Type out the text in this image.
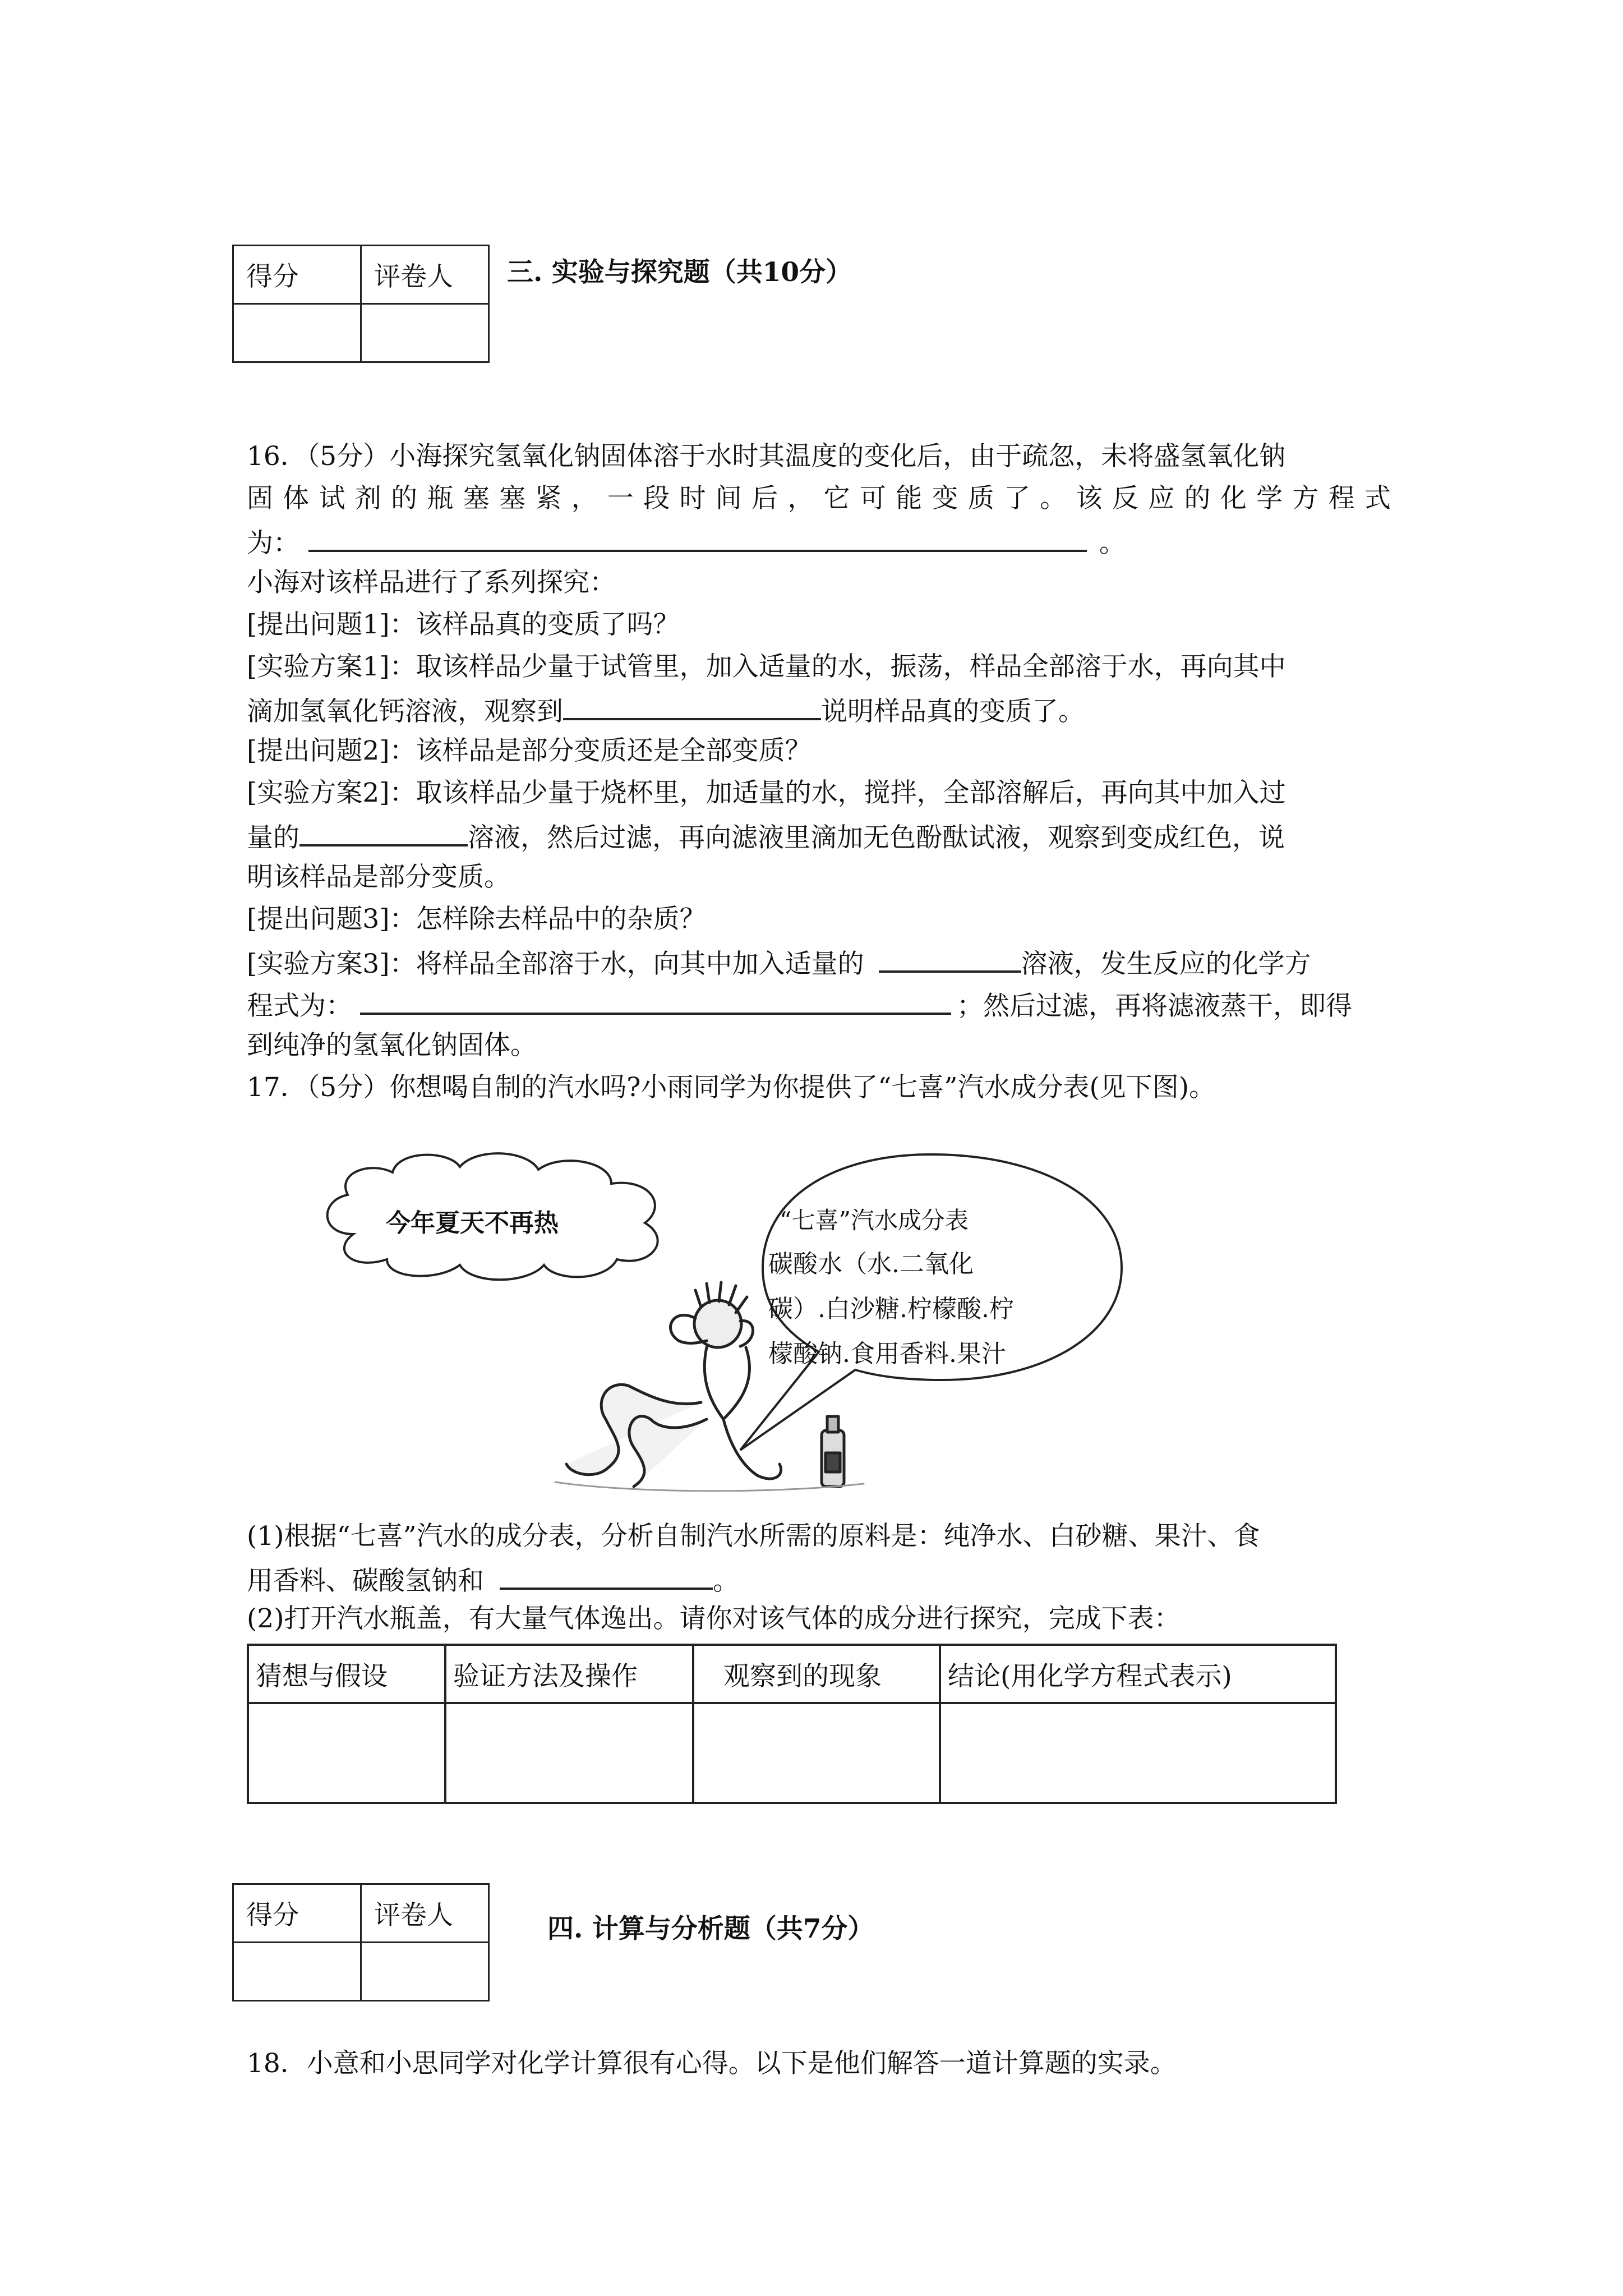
得分	评卷人
	三. 实验与探究题（共10分）
16．（5分）小海探究氢氧化钠固体溶于水时其温度的变化后，由于疏忽，未将盛氢氧化钠
固体试剂的瓶塞塞紧，一段时间后，它可能变质了。该反应的化学方程式
为：	。
小海对该样品进行了系列探究：
[提出问题1]：该样品真的变质了吗？
[实验方案1]：取该样品少量于试管里，加入适量的水，振荡，样品全部溶于水，再向其中
滴加氢氧化钙溶液，观察到	说明样品真的变质了。
[提出问题2]：该样品是部分变质还是全部变质？
[实验方案2]：取该样品少量于烧杯里，加适量的水，搅拌，全部溶解后，再向其中加入过
量的	溶液，然后过滤，再向滤液里滴加无色酚酞试液，观察到变成红色，说
明该样品是部分变质。
[提出问题3]：怎样除去样品中的杂质？
[实验方案3]：将样品全部溶于水，向其中加入适量的	溶液，发生反应的化学方
程式为：	；然后过滤，再将滤液蒸干，即得
到纯净的氢氧化钠固体。
17．（5分）你想喝自制的汽水吗?小雨同学为你提供了“七喜”汽水成分表(见下图)。
今年夏天不再热	“七喜”汽水成分表
碳酸水（水.二氧化
碳）.白沙糖.柠檬酸.柠
檬酸钠.食用香料.果汁
(1)根据“七喜”汽水的成分表，分析自制汽水所需的原料是：纯净水、白砂糖、果汁、食
用香料、碳酸氢钠和	。
(2)打开汽水瓶盖，有大量气体逸出。请你对该气体的成分进行探究，完成下表：
猜想与假设	验证方法及操作	观察到的现象	结论(用化学方程式表示)

得分	评卷人
		四. 计算与分析题（共7分）
18．小意和小思同学对化学计算很有心得。以下是他们解答一道计算题的实录。
